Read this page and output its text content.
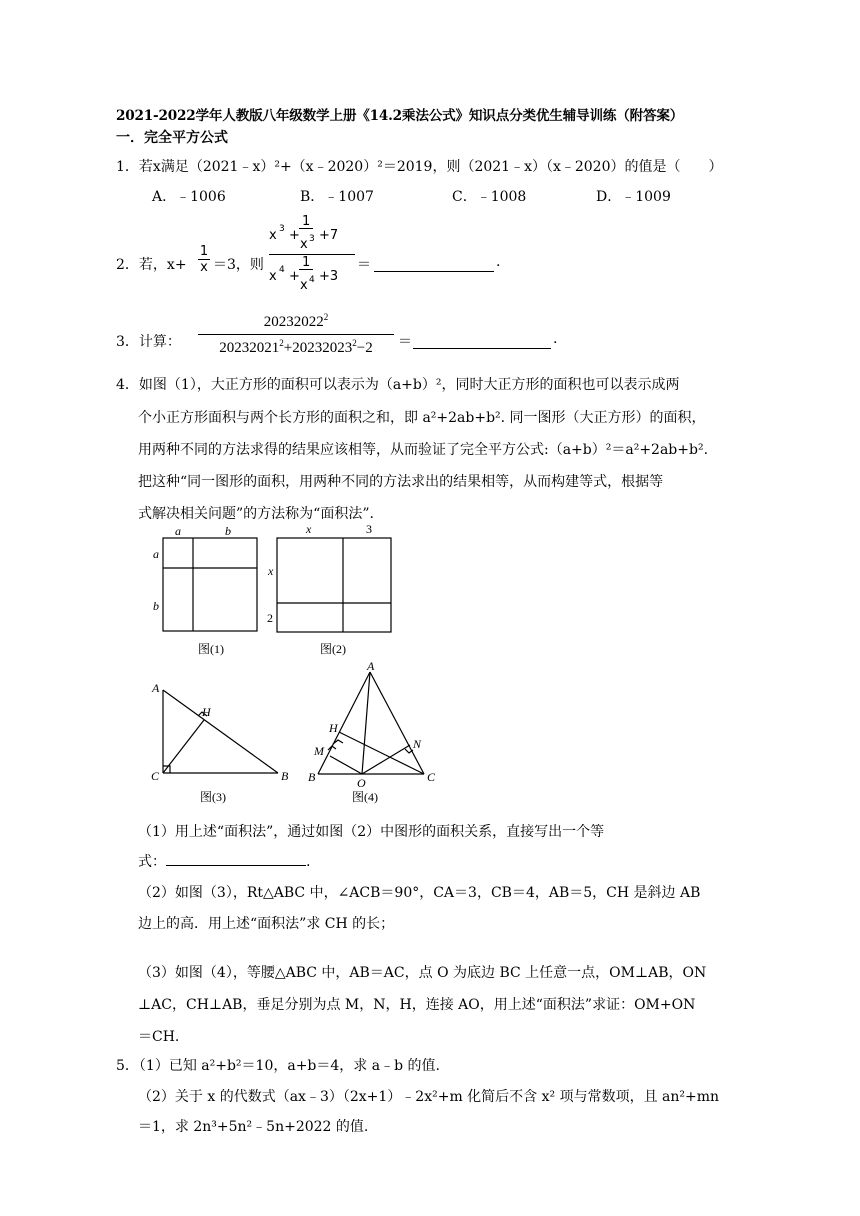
2021-2022学年人教版八年级数学上册《14.2乘法公式》知识点分类优生辅导训练（附答案）
一．完全平方公式
1．若x满足（2021﹣x）²+（x﹣2020）²＝2019，则（2021﹣x）（x﹣2020）的值是（　　）
A．﹣1006	B．﹣1007	C．﹣1008	D．﹣1009
2．若，x+
1
x ＝3，则
x 3 +
1
x 3 +7
x 4 +
1
x 4 +3
＝	.
3．计算：
20232022$^2$
$20232021^2+20232023^2-2$	＝	.
4．如图（1），大正方形的面积可以表示为（a+b）²，同时大正方形的面积也可以表示成两
个小正方形面积与两个长方形的面积之和，即 a²+2ab+b². 同一图形（大正方形）的面积，
用两种不同的方法求得的结果应该相等，从而验证了完全平方公式:（a+b）²＝a²+2ab+b².
把这种“同一图形的面积，用两种不同的方法求出的结果相等，从而构建等式，根据等
式解决相关问题”的方法称为“面积法”.
a	b
a
b
图(1)
x	3
x
2
图(2)
A
H
C	B
图(3)
A
H
M	N
B	O	C
图(4)
（1）用上述“面积法”，通过如图（2）中图形的面积关系，直接写出一个等
式：	.
（2）如图（3），Rt△ABC 中，∠ACB＝90°，CA＝3，CB＝4，AB＝5，CH 是斜边 AB
边上的高．用上述“面积法”求 CH 的长；
（3）如图（4），等腰△ABC 中，AB＝AC，点 O 为底边 BC 上任意一点，OM⊥AB，ON
⊥AC，CH⊥AB，垂足分别为点 M，N，H，连接 AO，用上述“面积法”求证：OM+ON
＝CH.
5．（1）已知 a²+b²＝10，a+b＝4，求 a﹣b 的值.
（2）关于 x 的代数式（ax﹣3）（2x+1）﹣2x²+m 化简后不含 x² 项与常数项，且 an²+mn
＝1，求 2n³+5n²﹣5n+2022 的值.
